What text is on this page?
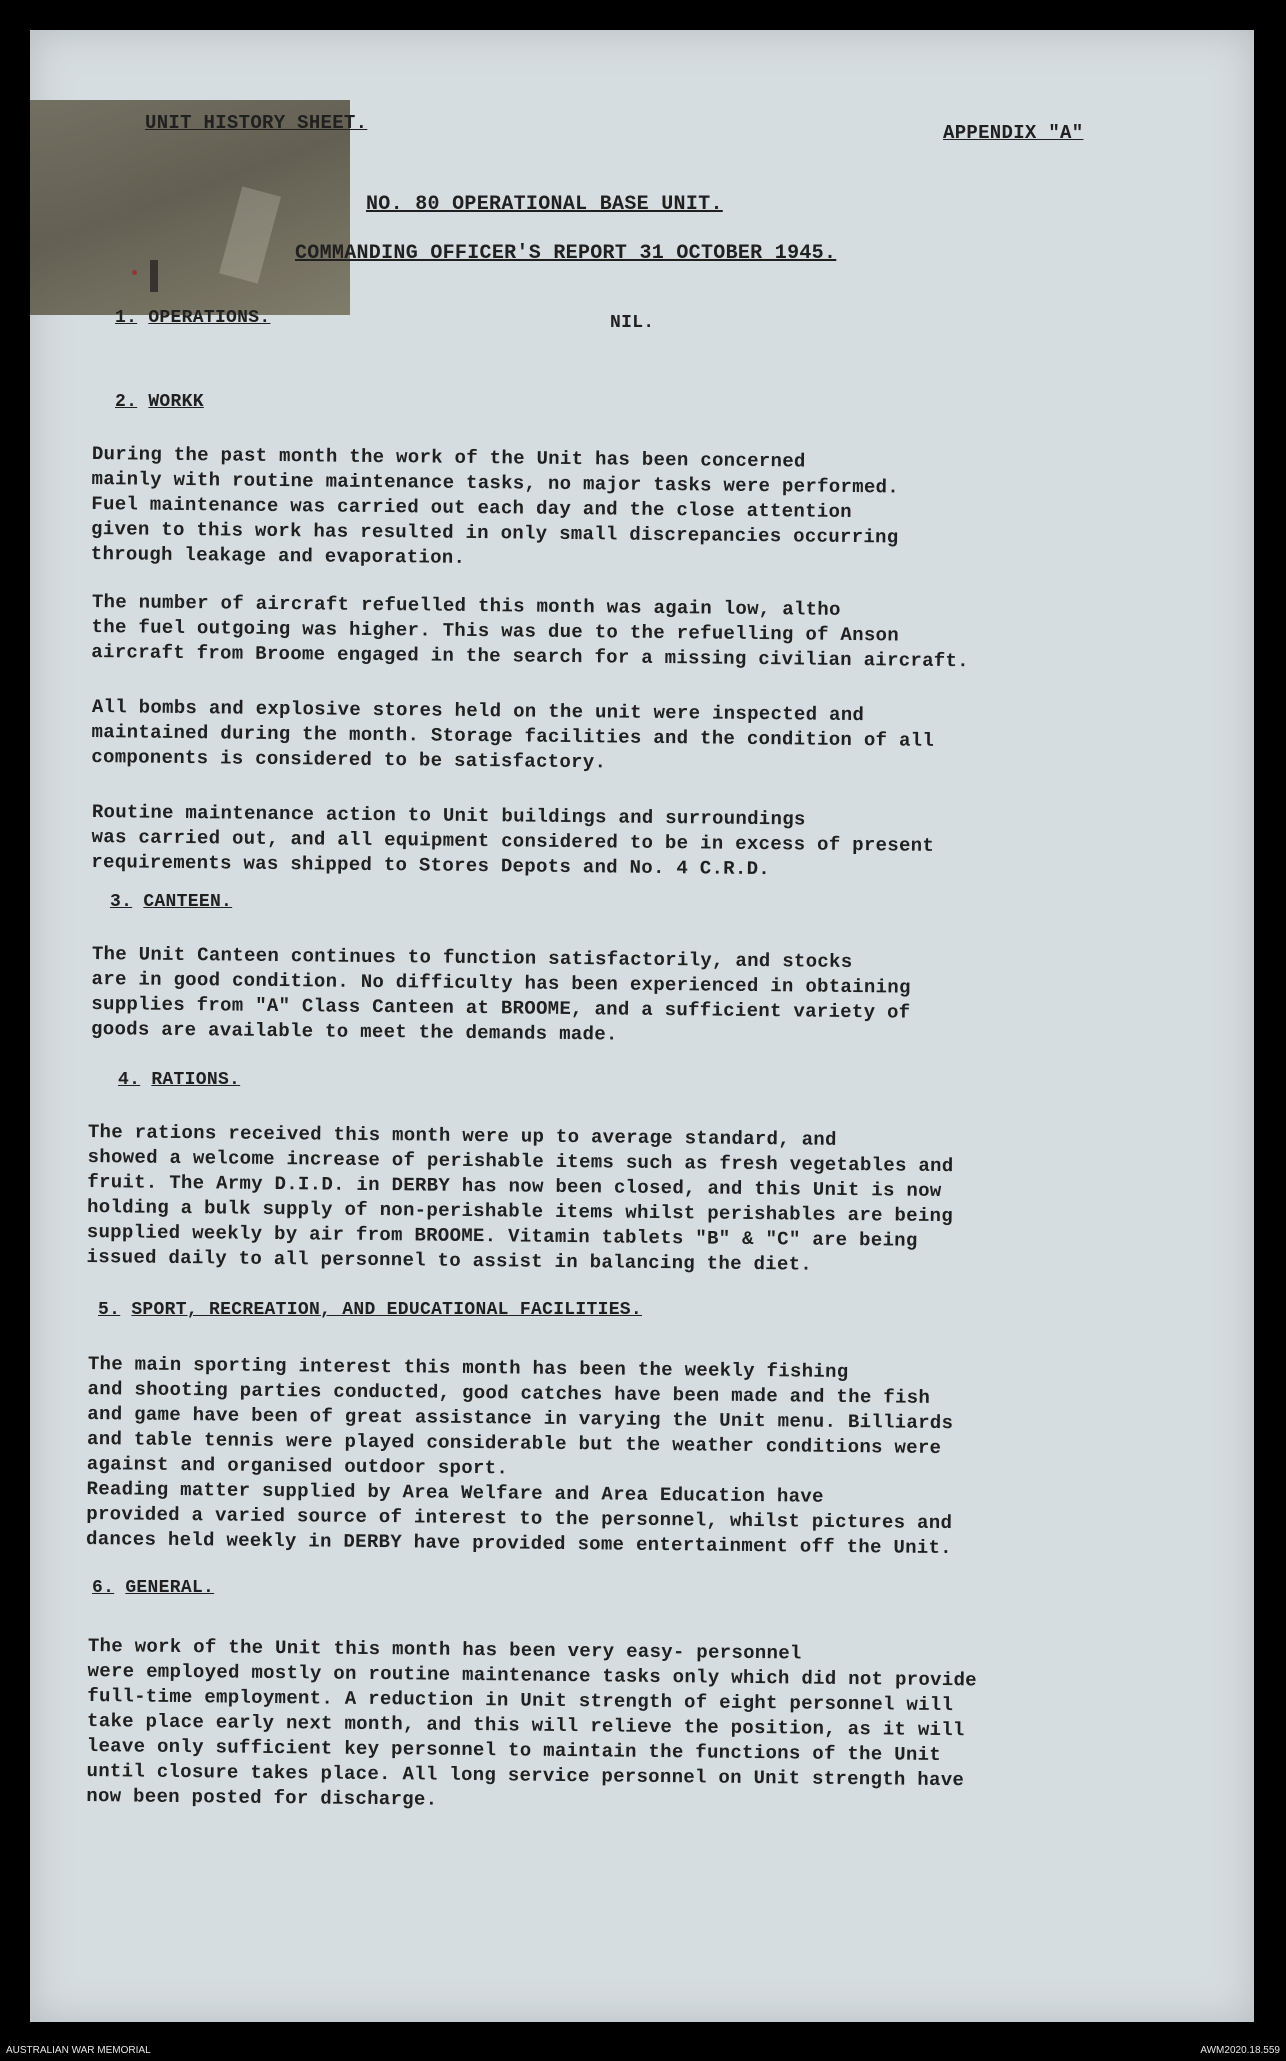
UNIT HISTORY SHEET.	APPENDIX "A"
NO. 80 OPERATIONAL BASE UNIT.
COMMANDING OFFICER'S REPORT 31 OCTOBER 1945.
1. OPERATIONS.	NIL.
2. WORKK
During the past month the work of the Unit has been concerned
mainly with routine maintenance tasks, no major tasks were performed.
Fuel maintenance was carried out each day and the close attention
given to this work has resulted in only small discrepancies occurring
through leakage and evaporation.
The number of aircraft refuelled this month was again low, altho
the fuel outgoing was higher. This was due to the refuelling of Anson
aircraft from Broome engaged in the search for a missing civilian aircraft.
All bombs and explosive stores held on the unit were inspected and
maintained during the month. Storage facilities and the condition of all
components is considered to be satisfactory.
Routine maintenance action to Unit buildings and surroundings
was carried out, and all equipment considered to be in excess of present
requirements was shipped to Stores Depots and No. 4 C.R.D.
3. CANTEEN.
The Unit Canteen continues to function satisfactorily, and stocks
are in good condition. No difficulty has been experienced in obtaining
supplies from "A" Class Canteen at BROOME, and a sufficient variety of
goods are available to meet the demands made.
4. RATIONS.
The rations received this month were up to average standard, and
showed a welcome increase of perishable items such as fresh vegetables and
fruit. The Army D.I.D. in DERBY has now been closed, and this Unit is now
holding a bulk supply of non-perishable items whilst perishables are being
supplied weekly by air from BROOME. Vitamin tablets "B" & "C" are being
issued daily to all personnel to assist in balancing the diet.
5. SPORT, RECREATION, AND EDUCATIONAL FACILITIES.
The main sporting interest this month has been the weekly fishing
and shooting parties conducted, good catches have been made and the fish
and game have been of great assistance in varying the Unit menu. Billiards
and table tennis were played considerable but the weather conditions were
against and organised outdoor sport.
Reading matter supplied by Area Welfare and Area Education have
provided a varied source of interest to the personnel, whilst pictures and
dances held weekly in DERBY have provided some entertainment off the Unit.
6. GENERAL.
The work of the Unit this month has been very easy- personnel
were employed mostly on routine maintenance tasks only which did not provide
full-time employment. A reduction in Unit strength of eight personnel will
take place early next month, and this will relieve the position, as it will
leave only sufficient key personnel to maintain the functions of the Unit
until closure takes place. All long service personnel on Unit strength have
now been posted for discharge.
AUSTRALIAN WAR MEMORIAL	AWM2020.18.559
